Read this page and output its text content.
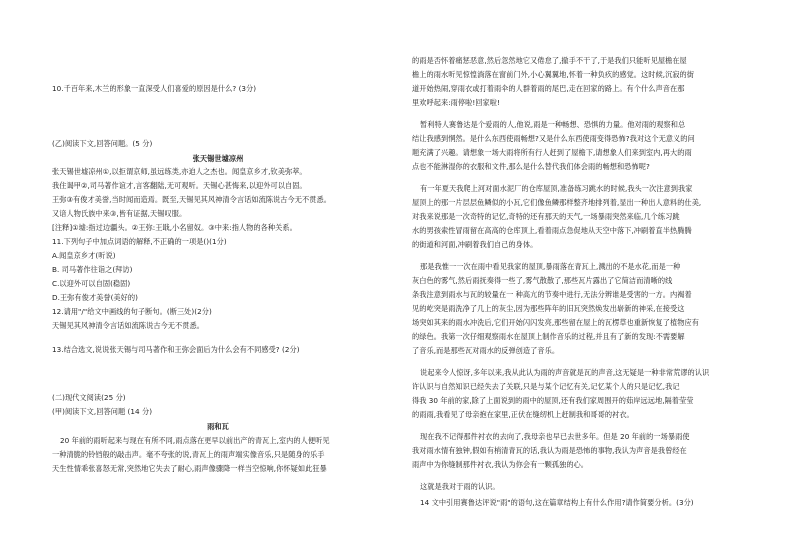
10.千百年来,木兰的形象一直深受人们喜爱的原因是什么? (3分)
(乙)阅读下文,回答问题。(5 分)
张天锡世墟凉州
张天锡世墟凉州①,以拒谓京师,虽远练类,亦迫人之杰也。闻皇京乡才,钦美弥萃。
我住谒甲②,司马著作谊才,言客翻陆,无可观听。天锡心甚悔来,以迎外可以自固。
王弥③有俊才美誉,当时闻而造焉。既至,天锡见其风神清令言话如流陈说古今无不贯悉。
又谙人物氏族中来③,皆有证据,天锡叹服。
[注释]①墟:指过边疆头。②王弥:王戢,小名留奴。③中来:指人物的各种关系。
11.下列句子中加点词语的解释,不正确的一项是()(1分)
A.闻皇京乡才(听说)
B. 司马著作往诣之(拜访)
C.以迎外可以自固(稳固)
D.王弥有俊才美誉(美好的)
12.请用"/"给文中画线的句子断句。(断三处)(2分)
天锡见其风神清令言话如流陈说古今无不贯悉。
13.结合选文,说说张天锡与司马著作和王弥会面后为什么会有不同感受? (2分)
(二)现代文阅读(25 分)
(甲)阅读下文,回答问题 (14 分)
雨和瓦
20 年前的雨听起来与现在有所不同,雨点落在更早以前出产的青瓦上,室内的人便听见
一种清脆的铃铛般的敲击声。毫不夸张的说,青瓦上的雨声端实像音乐,只是随身的乐手
天生性情乖张喜怒无常,突然地它失去了耐心,雨声像骤降一样当空惊响,你怀疑如此狂暴
的雨是否怀着痛惩恶意,然后忽然地它又倦怠了,撤手不干了,于是我们只能听见屋檐在屋
檐上的雨水听见惊惶淌落在窗前门外,小心翼翼地,怀着一种负疚的感觉。这时候,沉寂的街
道开始热闹,穿雨衣或打着雨伞的人群着雨的尾巴,走在回家的路上。有个什么声音在那
里欢呼起来:雨停啦!回家啦!
暂利特人赛鲁达是个爱雨的人,他说,雨是一种畅想、恐惧的力量。他对雨的观察和总
结让我感到惘然。是什么东西使雨畅想?又是什么东西使雨变得恐怖?我对这个无意义的问
题充满了兴趣。请想象一场大雨将所有行人赶到了屋檐下,请想象人们来到室内,再大的雨
点也不能淋湿你的衣服和文件,那么是什么替代我们体会雨的畅想和恐怖呢?
有一年夏天我爬上河对面水泥厂的仓库屋顶,准备练习跳水的时候,我头一次注意到我家
屋顶上的那一片层层鱼鳞似的小瓦,它们像鱼鳞那样整齐地排列着,显出一种出人意料的仕美,
对我来说那是一次奇特的记忆,奇特的还有那天的天气,一场暴雨突然来临,几个练习跳
水的男孩索性冒雨留在高高的仓库顶上,看着雨点急促地从天空中落下,冲刷着直半热腾腾
的街道和河面,冲刷着我们自己的身体。
那是我惟一一次在雨中看见我家的屋顶,暴雨落在青瓦上,溅出的不是水花,而是一种
灰白色的雾气,然后雨抚奏得一些了,雾气散散了,那些瓦片露出了它简洁而清晰的线
条我注意到雨水与瓦的较量在一 种高亢的节奏中进行,无法分辨谁是受害的一方。内褐着
见的屹突是雨洗净了几上的灰尘,因为那些阵年的旧瓦突然焕发出崭新的神采,在接受这
场突如其来的雨水冲洗后,它们开始闪闪发亮,那些留在屋上的瓦楞草也重新恢复了植物应有
的绿色。我第一次仔细观察雨水在屋顶上制作音乐的过程,并且有了新的发现:不需要解
了音乐,而是那些瓦对雨水的反弹创造了音乐。
说起来令人惊讶,多年以来,我从此认为雨的声音就是瓦的声音,这无疑是一种非常荒谬的认识
许认识与自然知识已经失去了关联,只是与某个记忆有关,记忆某个人的只是记忆,我记
得我 30 年前的家,除了上面说到的雨中的屋顶,还有我们家周围开的茹岸远远地,隔着莹莹
的雨雨,我看见了母亲抱在家里,正伏在缝纫机上赶制我和哥哥的衬衣。
现在我不记得那件衬衣的去向了,我母亲也早已去世多年。但是 20 年前的一场暴雨使
我对雨水情有独钟,假如有梢清青瓦的话,我认为雨是恐怖的事物,我认为声音是我曾经在
雨声中为你缝制那件衬衣,我认为你会有一颗孤独的心。
这就是我对于雨的认识。
14 文中引用赛鲁达评说"雨"的语句,这在篇章结构上有什么作用?请作简要分析。(3分)
